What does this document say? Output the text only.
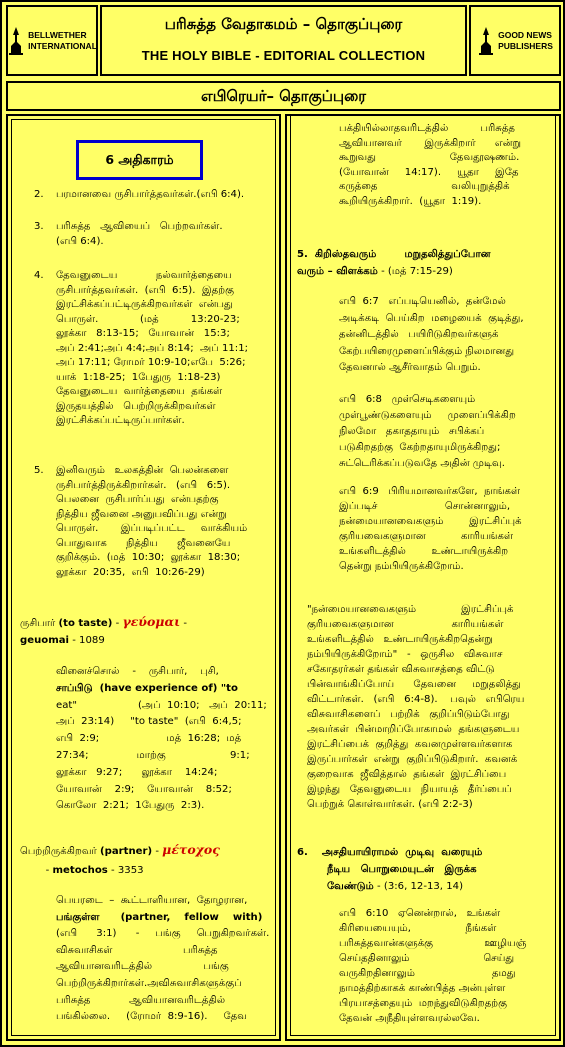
BELLWETHER
INTERNATIONAL
பரிசுத்த வேதாகமம் – தொகுப்புரை
THE HOLY BIBLE - EDITORIAL COLLECTION
GOOD NEWS
PUBLISHERS
எபிரெயர்– தொகுப்புரை
6 அதிகாரம்
2. பரமானவை ருசிபார்த்தவர்கள்.(எபி 6:4).
3. பரிசுத்த   ஆவியைப்   பெற்றவர்கள்.
(எபி 6:4).
4. தேவனுடைய            நல்வார்த்தையை
ருசிபார்த்தவர்கள்.  (எபி  6:5).  இதற்கு
இரட்சிக்கப்பட்டிருக்கிறவர்கள்  என்பது
பொருள்.             (மத்          13:20-23;
லூக்கா   8:13-15;   யோவான்   15:3;
அப் 2:41;அப் 4:4;அப் 8:14;  அப் 11:1;
அப் 17:11; ரோமர் 10:9-10;எபே  5:26;
யாக்  1:18-25;  1பேதுரு  1:18-23)
தேவனுடைய  வார்த்தையை  தங்கள்
இருதயத்தில்   பெற்றிருக்கிறவர்கள்
இரட்சிக்கப்பட்டிருப்பார்கள்.
5. இனிவரும்   உலகத்தின்  பெலன்களை
ருசிபார்த்திருக்கிறார்கள்.   (எபி   6:5).
பெலனை  ருசிபார்ப்பது  என்பதற்கு
நித்திய ஜீவனை அனுபவிப்பது என்று
பொருள்.       இப்படிப்பட்ட     வாக்கியம்
பொதுவாக      நித்திய      ஜீவனையே
குறிக்கும்.  (மத்  10:30;  லூக்கா  18:30;
லூக்கா  20:35,  எபி  10:26-29)
ருசிபார் (to taste) - γεύομαι -
geuomai - 1089
வினைச்சொல்    -    ருசிபார்,    புசி,
சாப்பிடு  (have experience of) "to
eat"                   (அப்  10:10;   அப்  20:11;
அப்  23:14)     "to taste"  (எபி  6:4,5;
எபி  2:9;                     மத்  16:28;  மத்
27:34;               மாற்கு                    9:1;
லூக்கா   9:27;      லூக்கா    14:24;
யோவான்    2:9;    யோவான்    8:52;
கொலோ  2:21;  1பேதுரு  2:3).
பெற்றிருக்கிறவர் (partner) - μέτοχος
- metochos - 3353
பெயரடை  –  கூட்டாளியான,  தோழரான,
பங்குள்ள      (partner,    fellow    with)
(எபி      3:1)      -     பங்கு     பெறுகிறவர்கள்.
விசுவாசிகள்                      பரிசுத்த
ஆவியானவரிடத்தில்                பங்கு
பெற்றிருக்கிறார்கள்.அவிசுவாசிகளுக்குப்
பரிசுத்த            ஆவியானவரிடத்தில்
பங்கில்லை.     (ரோமர்  8:9-16).     தேவ
பக்தியில்லாதவரிடத்தில்          பரிசுத்த
ஆவியானவர்       இருக்கிறார்      என்று
கூறுவது                       தேவதூஷணம்.
(யோவான்     14:17).     யூதா     இதே
கருத்தை                       வலியுறுத்திக்
கூறியிருக்கிறார்.  (யூதா  1:19).
5.  கிறிஸ்தவரும்        மறுதலித்துப்போன
வரும் – விளக்கம் - (மத் 7:15-29)
எபி  6:7   எப்படியெனில்,  தன்மேல்
அடிக்கடி  பெய்கிற  மழையைக்  குடித்து,
தன்னிடத்தில்   பயிரிடுகிறவர்களுக்
கேற்பயிரைமுளைப்பிக்கும் நிலமானது
தேவனால் ஆசீர்வாதம் பெறும்.
எபி   6:8   முள்செடிகளையும்
முள்பூண்டுகளையும்     முளைப்பிக்கிற
நிலமோ   தகாததாயும்   சபிக்கப்
படுகிறதற்கு  கேற்றதாயுமிருக்கிறது;
சுட்டெரிக்கப்படுவதே அதின் முடிவு.
எபி  6:9   பிரியமானவர்களே,  நாங்கள்
இப்படிச்                     சொன்னாலும்,
நன்மையானவைகளும்        இரட்சிப்புக்
குரியவைகளுமான           காரியங்கள்
உங்களிடத்தில்        உண்டாயிருக்கிற
தென்று நம்பியிருக்கிறோம்.
"நன்மையானவைகளும்              இரட்சிப்புக்
குரியவைகளுமான                  காரியங்கள்
உங்களிடத்தில்   உண்டாயிருக்கிறதென்று
நம்பியிருக்கிறோம்"   -   ஒருசில   விசுவாச
சகோதரர்கள் தங்கள் விசுவாசத்தை விட்டு
பின்வாங்கிப்போய்      தேவனை     மறுதலித்து
விட்டார்கள்.   (எபி   6:4-8).    பவுல்   எபிரெய
விசுவாசிகளைப்   பற்றிக்   குறிப்பிடும்போது
அவர்கள்  பின்மாறிப்போகாமல்  தங்களுடைய
இரட்சிப்பைக்  குறித்து  கவனமுள்ளவர்களாக
இருப்பார்கள்  என்று  குறிப்பிடுகிறார்.  கவனக்
குறைவாக  ஜீவித்தால்  தங்கள்  இரட்சிப்பை
இழந்து   தேவனுடைய   நியாயத்   தீர்ப்பைப்
பெற்றுக் கொள்வார்கள். (எபி 2:2-3)
6.    அசதியாயிராமல்  முடிவு  வரையும்
நீடிய   பொறுமையுடன்   இருக்க
வேண்டும் - (3:6, 12-13, 14)
எபி   6:10   ஏனென்றால்,   உங்கள்
கிரியையையும்,                 நீங்கள்
பரிசுத்தவான்களுக்கு                ஊழியஞ்
செய்ததினாலும்                       செய்து
வருகிறதினாலும்                        தமது
நாமத்திற்காகக் காண்பித்த அன்புள்ள
பிரயாசத்தையும்  மறந்துவிடுகிறதற்கு
தேவன் அநீதியுள்ளவரல்லவே.
